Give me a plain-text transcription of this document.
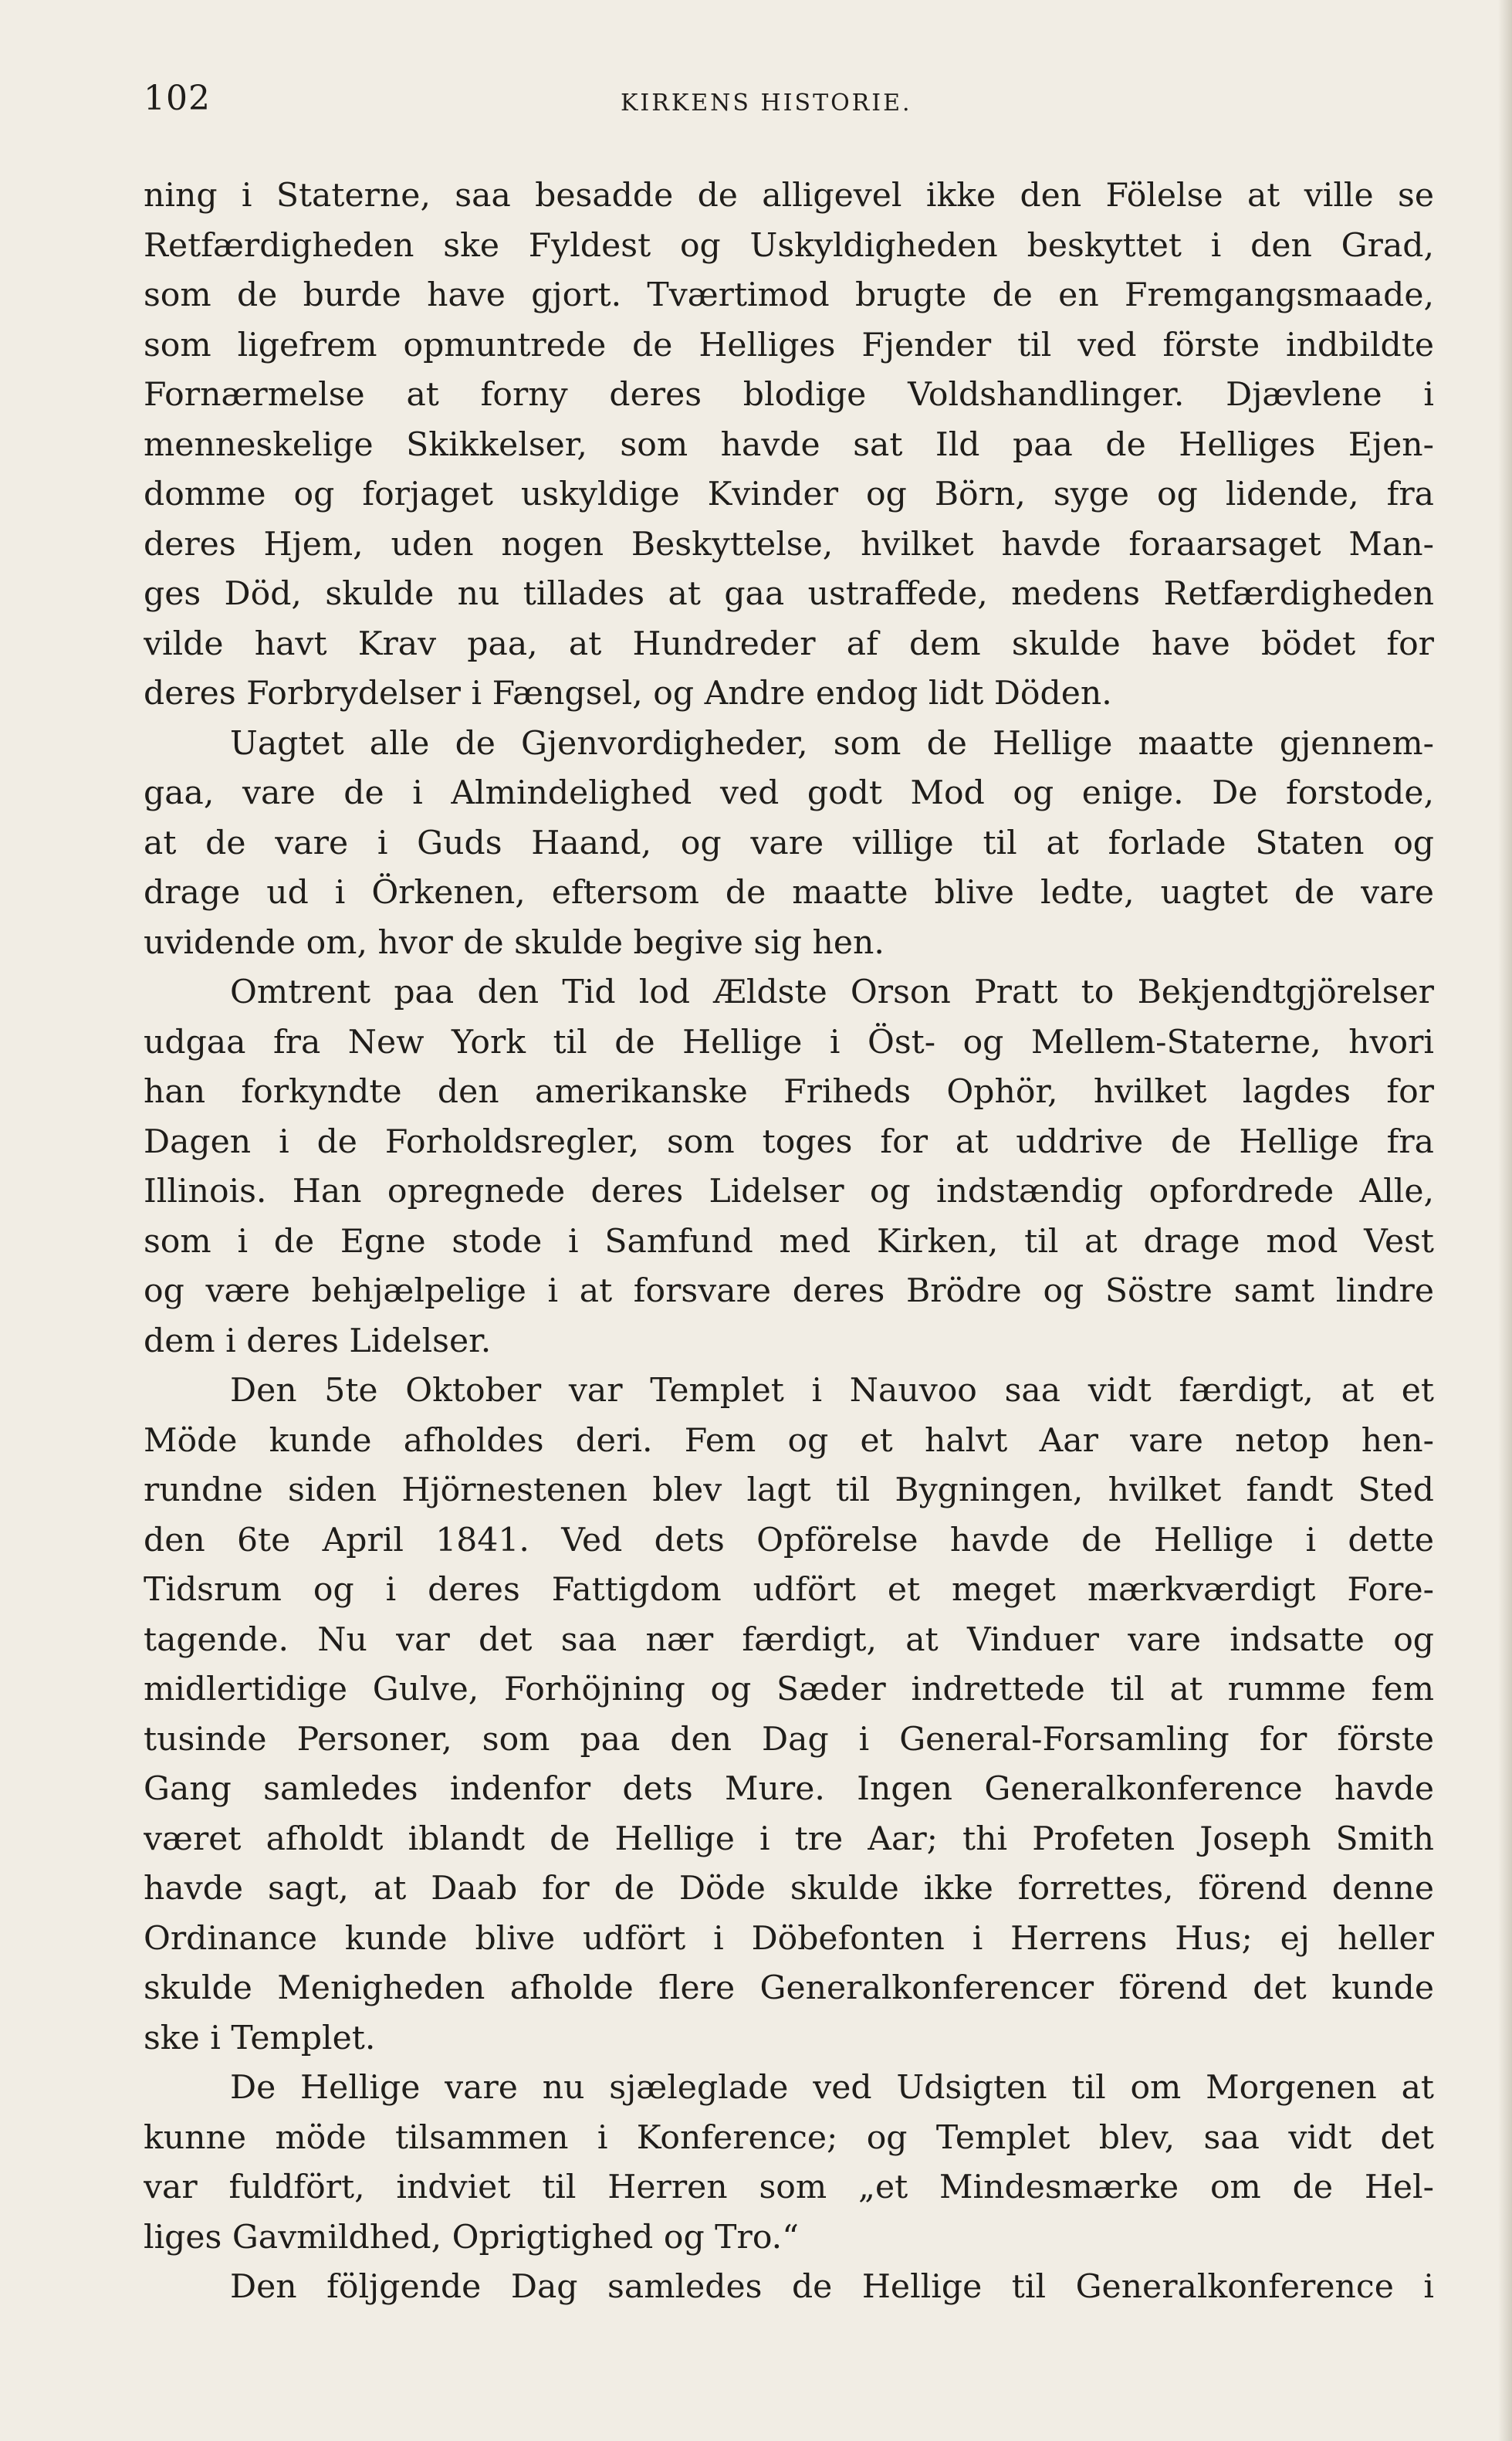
102	KIRKENS HISTORIE.
ning i Staterne, saa besadde de alligevel ikke den Fölelse at ville se
Retfærdigheden ske Fyldest og Uskyldigheden beskyttet i den Grad,
som de burde have gjort. Tværtimod brugte de en Fremgangsmaade,
som ligefrem opmuntrede de Helliges Fjender til ved förste indbildte
Fornærmelse at forny deres blodige Voldshandlinger. Djævlene i
menneskelige Skikkelser, som havde sat Ild paa de Helliges Ejen-
domme og forjaget uskyldige Kvinder og Börn, syge og lidende, fra
deres Hjem, uden nogen Beskyttelse, hvilket havde foraarsaget Man-
ges Död, skulde nu tillades at gaa ustraffede, medens Retfærdigheden
vilde havt Krav paa, at Hundreder af dem skulde have bödet for
deres Forbrydelser i Fængsel, og Andre endog lidt Döden.
Uagtet alle de Gjenvordigheder, som de Hellige maatte gjennem-
gaa, vare de i Almindelighed ved godt Mod og enige. De forstode,
at de vare i Guds Haand, og vare villige til at forlade Staten og
drage ud i Örkenen, eftersom de maatte blive ledte, uagtet de vare
uvidende om, hvor de skulde begive sig hen.
Omtrent paa den Tid lod Ældste Orson Pratt to Bekjendtgjörelser
udgaa fra New York til de Hellige i Öst- og Mellem-Staterne, hvori
han forkyndte den amerikanske Friheds Ophör, hvilket lagdes for
Dagen i de Forholdsregler, som toges for at uddrive de Hellige fra
Illinois. Han opregnede deres Lidelser og indstændig opfordrede Alle,
som i de Egne stode i Samfund med Kirken, til at drage mod Vest
og være behjælpelige i at forsvare deres Brödre og Söstre samt lindre
dem i deres Lidelser.
Den 5te Oktober var Templet i Nauvoo saa vidt færdigt, at et
Möde kunde afholdes deri. Fem og et halvt Aar vare netop hen-
rundne siden Hjörnestenen blev lagt til Bygningen, hvilket fandt Sted
den 6te April 1841. Ved dets Opförelse havde de Hellige i dette
Tidsrum og i deres Fattigdom udfört et meget mærkværdigt Fore-
tagende. Nu var det saa nær færdigt, at Vinduer vare indsatte og
midlertidige Gulve, Forhöjning og Sæder indrettede til at rumme fem
tusinde Personer, som paa den Dag i General-Forsamling for förste
Gang samledes indenfor dets Mure. Ingen Generalkonference havde
været afholdt iblandt de Hellige i tre Aar; thi Profeten Joseph Smith
havde sagt, at Daab for de Döde skulde ikke forrettes, förend denne
Ordinance kunde blive udfört i Döbefonten i Herrens Hus; ej heller
skulde Menigheden afholde flere Generalkonferencer förend det kunde
ske i Templet.
De Hellige vare nu sjæleglade ved Udsigten til om Morgenen at
kunne möde tilsammen i Konference; og Templet blev, saa vidt det
var fuldfört, indviet til Herren som „et Mindesmærke om de Hel-
liges Gavmildhed, Oprigtighed og Tro.“
Den följgende Dag samledes de Hellige til Generalkonference i
